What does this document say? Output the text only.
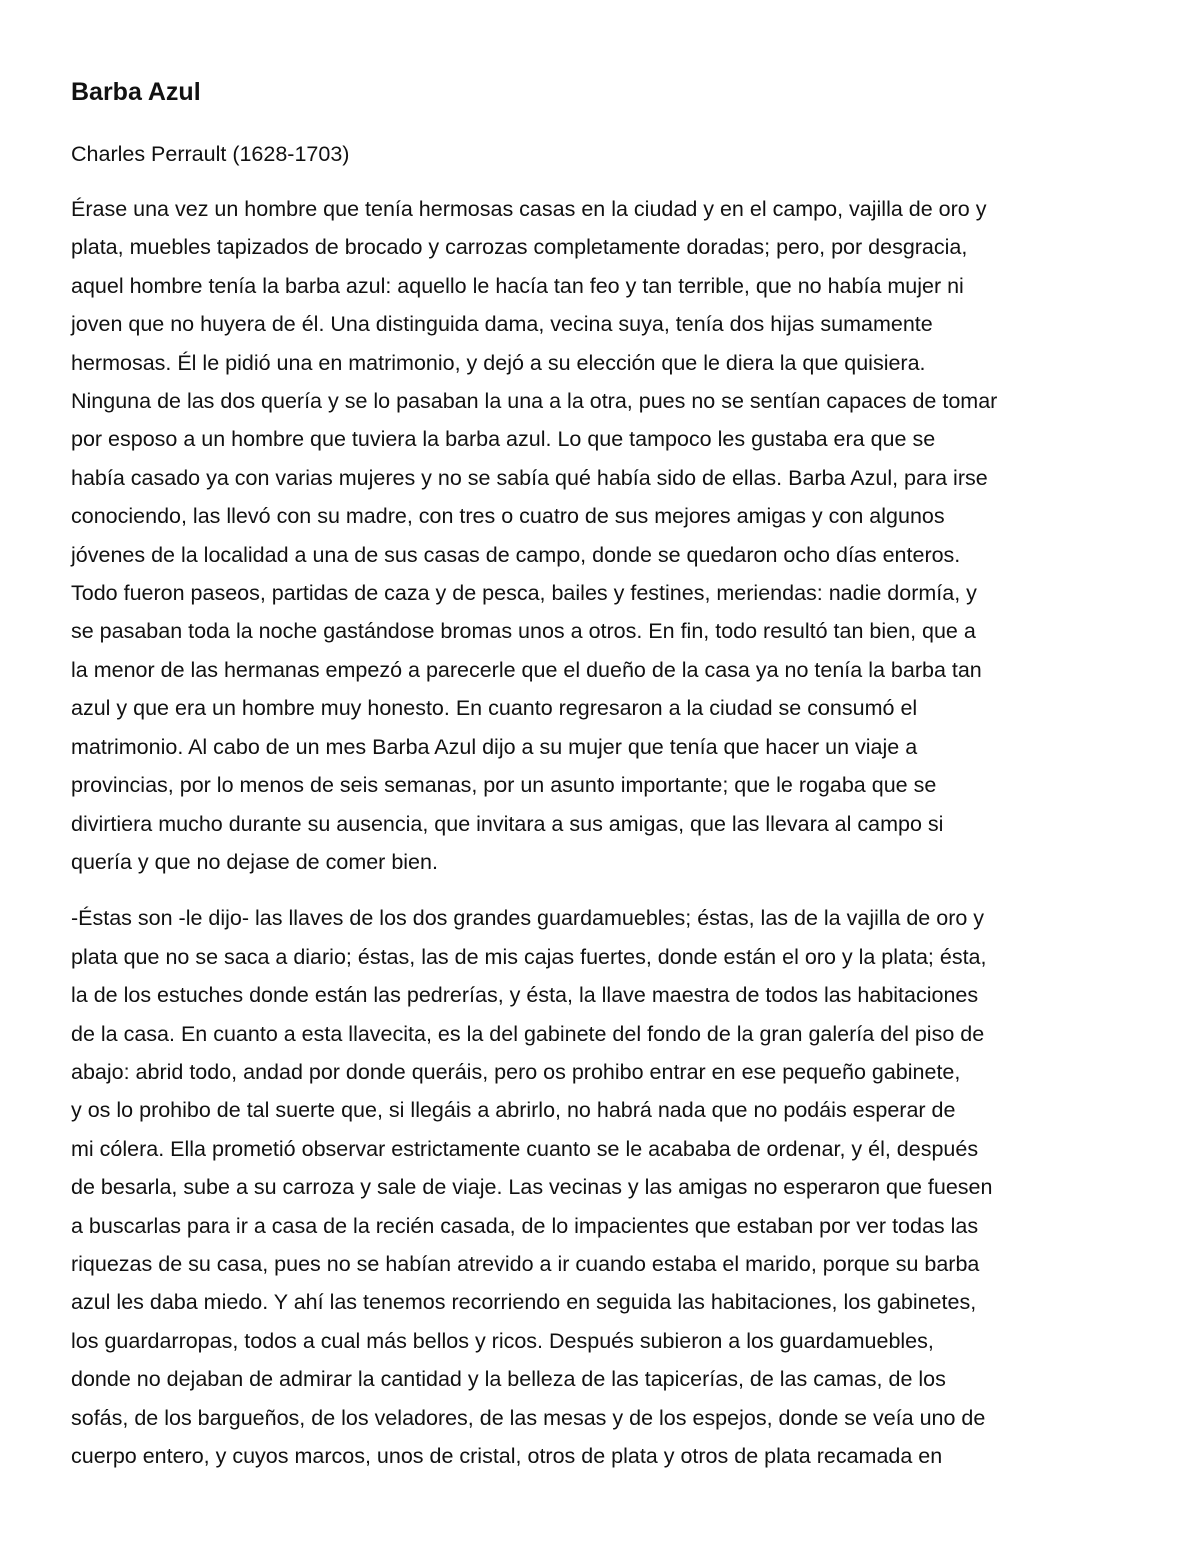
Barba Azul
Charles Perrault (1628-1703)
Érase una vez un hombre que tenía hermosas casas en la ciudad y en el campo, vajilla de oro y
plata, muebles tapizados de brocado y carrozas completamente doradas; pero, por desgracia,
aquel hombre tenía la barba azul: aquello le hacía tan feo y tan terrible, que no había mujer ni
joven que no huyera de él. Una distinguida dama, vecina suya, tenía dos hijas sumamente
hermosas. Él le pidió una en matrimonio, y dejó a su elección que le diera la que quisiera.
Ninguna de las dos quería y se lo pasaban la una a la otra, pues no se sentían capaces de tomar
por esposo a un hombre que tuviera la barba azul. Lo que tampoco les gustaba era que se
había casado ya con varias mujeres y no se sabía qué había sido de ellas. Barba Azul, para irse
conociendo, las llevó con su madre, con tres o cuatro de sus mejores amigas y con algunos
jóvenes de la localidad a una de sus casas de campo, donde se quedaron ocho días enteros.
Todo fueron paseos, partidas de caza y de pesca, bailes y festines, meriendas: nadie dormía, y
se pasaban toda la noche gastándose bromas unos a otros. En fin, todo resultó tan bien, que a
la menor de las hermanas empezó a parecerle que el dueño de la casa ya no tenía la barba tan
azul y que era un hombre muy honesto. En cuanto regresaron a la ciudad se consumó el
matrimonio. Al cabo de un mes Barba Azul dijo a su mujer que tenía que hacer un viaje a
provincias, por lo menos de seis semanas, por un asunto importante; que le rogaba que se
divirtiera mucho durante su ausencia, que invitara a sus amigas, que las llevara al campo si
quería y que no dejase de comer bien.
-Éstas son -le dijo- las llaves de los dos grandes guardamuebles; éstas, las de la vajilla de oro y
plata que no se saca a diario; éstas, las de mis cajas fuertes, donde están el oro y la plata; ésta,
la de los estuches donde están las pedrerías, y ésta, la llave maestra de todos las habitaciones
de la casa. En cuanto a esta llavecita, es la del gabinete del fondo de la gran galería del piso de
abajo: abrid todo, andad por donde queráis, pero os prohibo entrar en ese pequeño gabinete,
y os lo prohibo de tal suerte que, si llegáis a abrirlo, no habrá nada que no podáis esperar de
mi cólera. Ella prometió observar estrictamente cuanto se le acababa de ordenar, y él, después
de besarla, sube a su carroza y sale de viaje. Las vecinas y las amigas no esperaron que fuesen
a buscarlas para ir a casa de la recién casada, de lo impacientes que estaban por ver todas las
riquezas de su casa, pues no se habían atrevido a ir cuando estaba el marido, porque su barba
azul les daba miedo. Y ahí las tenemos recorriendo en seguida las habitaciones, los gabinetes,
los guardarropas, todos a cual más bellos y ricos. Después subieron a los guardamuebles,
donde no dejaban de admirar la cantidad y la belleza de las tapicerías, de las camas, de los
sofás, de los bargueños, de los veladores, de las mesas y de los espejos, donde se veía uno de
cuerpo entero, y cuyos marcos, unos de cristal, otros de plata y otros de plata recamada en
